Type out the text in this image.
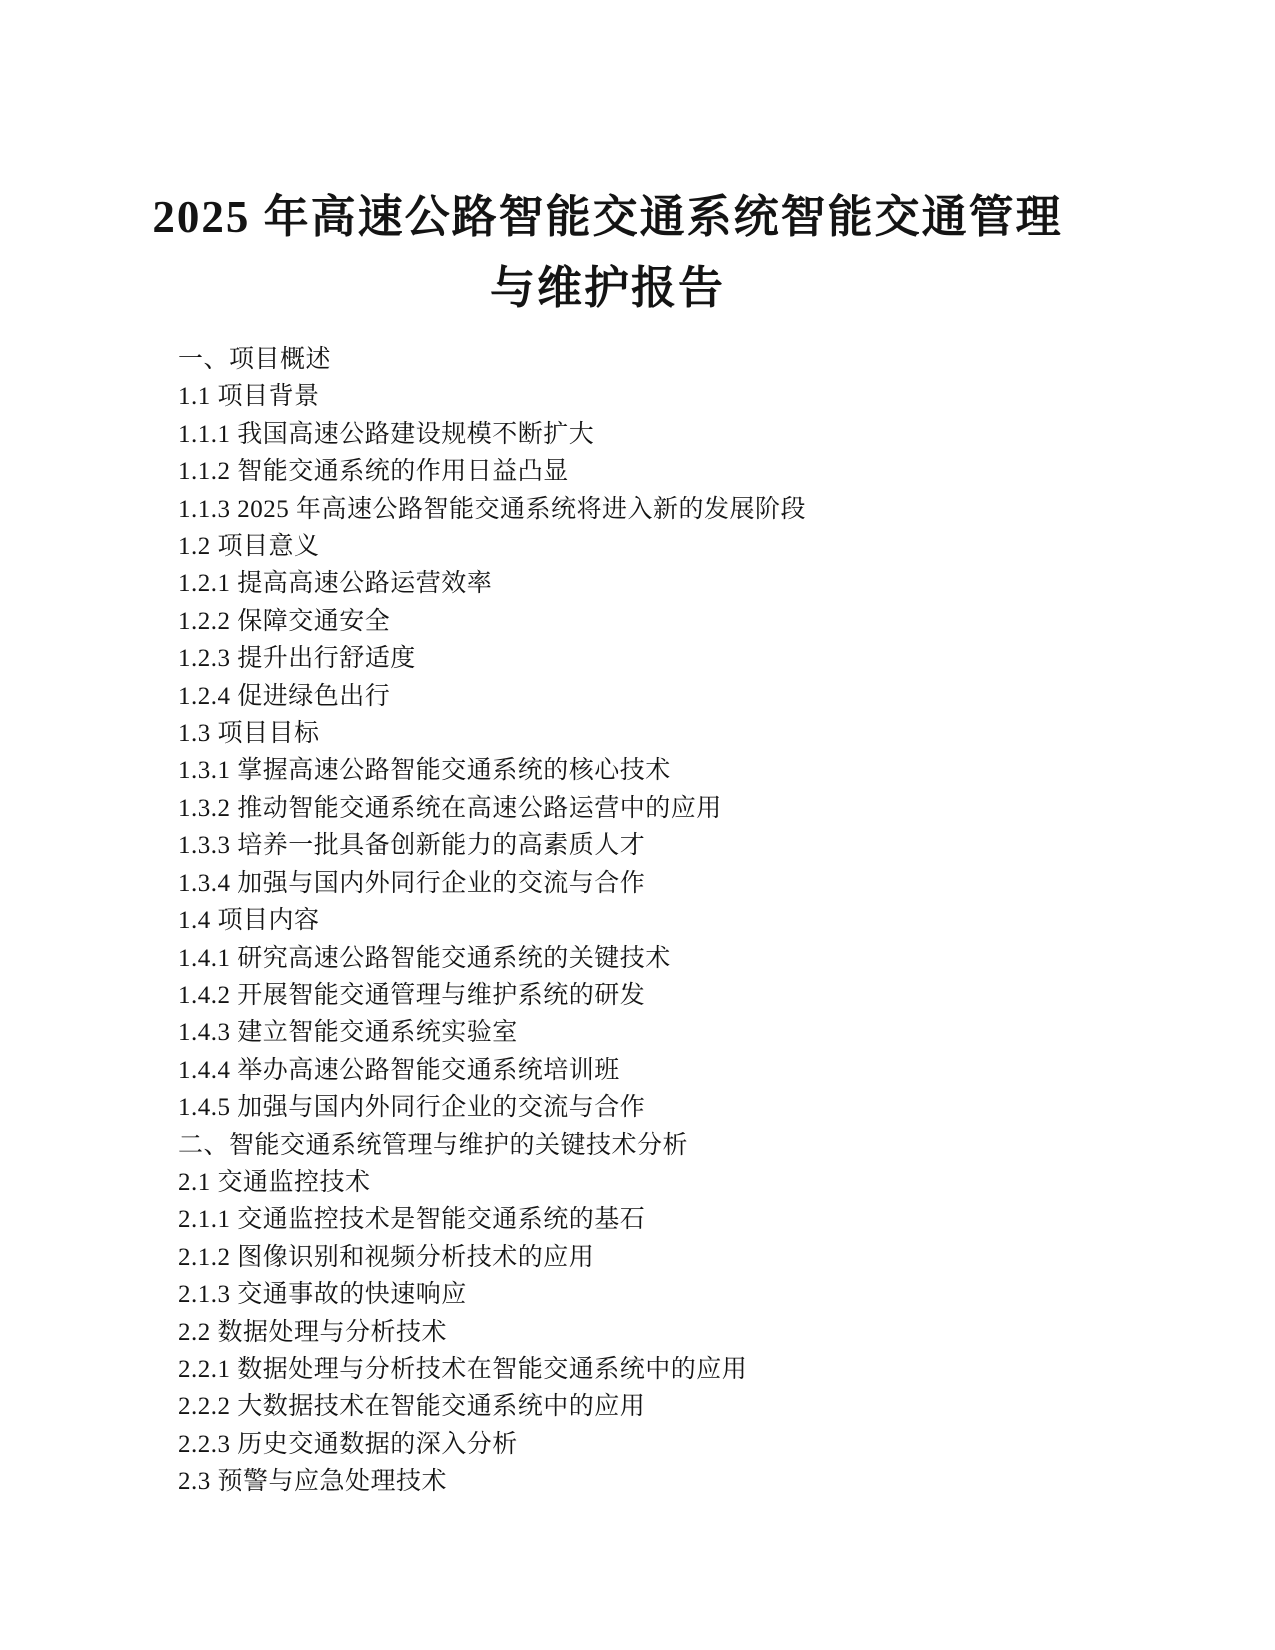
2025 年高速公路智能交通系统智能交通管理
与维护报告
一、项目概述
1.1 项目背景
1.1.1 我国高速公路建设规模不断扩大
1.1.2 智能交通系统的作用日益凸显
1.1.3 2025 年高速公路智能交通系统将进入新的发展阶段
1.2 项目意义
1.2.1 提高高速公路运营效率
1.2.2 保障交通安全
1.2.3 提升出行舒适度
1.2.4 促进绿色出行
1.3 项目目标
1.3.1 掌握高速公路智能交通系统的核心技术
1.3.2 推动智能交通系统在高速公路运营中的应用
1.3.3 培养一批具备创新能力的高素质人才
1.3.4 加强与国内外同行企业的交流与合作
1.4 项目内容
1.4.1 研究高速公路智能交通系统的关键技术
1.4.2 开展智能交通管理与维护系统的研发
1.4.3 建立智能交通系统实验室
1.4.4 举办高速公路智能交通系统培训班
1.4.5 加强与国内外同行企业的交流与合作
二、智能交通系统管理与维护的关键技术分析
2.1 交通监控技术
2.1.1 交通监控技术是智能交通系统的基石
2.1.2 图像识别和视频分析技术的应用
2.1.3 交通事故的快速响应
2.2 数据处理与分析技术
2.2.1 数据处理与分析技术在智能交通系统中的应用
2.2.2 大数据技术在智能交通系统中的应用
2.2.3 历史交通数据的深入分析
2.3 预警与应急处理技术
